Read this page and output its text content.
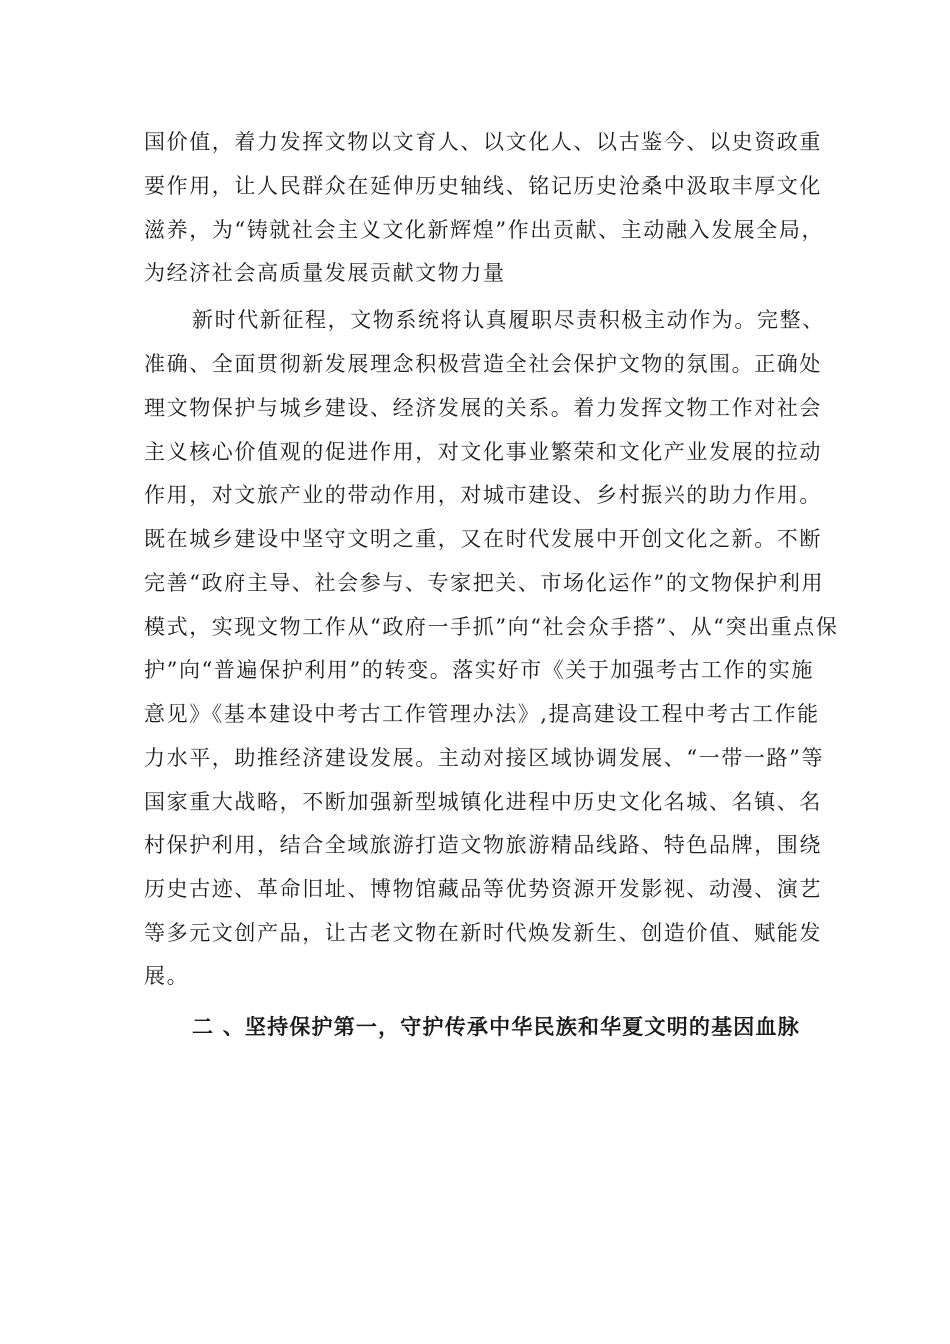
国价值，着力发挥文物以文育人、以文化人、以古鉴今、以史资政重
要作用，让人民群众在延伸历史轴线、铭记历史沧桑中汲取丰厚文化
滋养，为“铸就社会主义文化新辉煌”作出贡献、主动融入发展全局，
为经济社会高质量发展贡献文物力量
新时代新征程，文物系统将认真履职尽责积极主动作为。完整、
准确、全面贯彻新发展理念积极营造全社会保护文物的氛围。正确处
理文物保护与城乡建设、经济发展的关系。着力发挥文物工作对社会
主义核心价值观的促进作用，对文化事业繁荣和文化产业发展的拉动
作用，对文旅产业的带动作用，对城市建设、乡村振兴的助力作用。
既在城乡建设中坚守文明之重，又在时代发展中开创文化之新。不断
完善“政府主导、社会参与、专家把关、市场化运作”的文物保护利用
模式，实现文物工作从“政府一手抓”向“社会众手搭”、从“突出重点保
护”向“普遍保护利用”的转变。落实好市《关于加强考古工作的实施
意见》《基本建设中考古工作管理办法》,提高建设工程中考古工作能
力水平，助推经济建设发展。主动对接区域协调发展、“一带一路”等
国家重大战略，不断加强新型城镇化进程中历史文化名城、名镇、名
村保护利用，结合全域旅游打造文物旅游精品线路、特色品牌，围绕
历史古迹、革命旧址、博物馆藏品等优势资源开发影视、动漫、演艺
等多元文创产品，让古老文物在新时代焕发新生、创造价值、赋能发
展。
二 、坚持保护第一，守护传承中华民族和华夏文明的基因血脉
